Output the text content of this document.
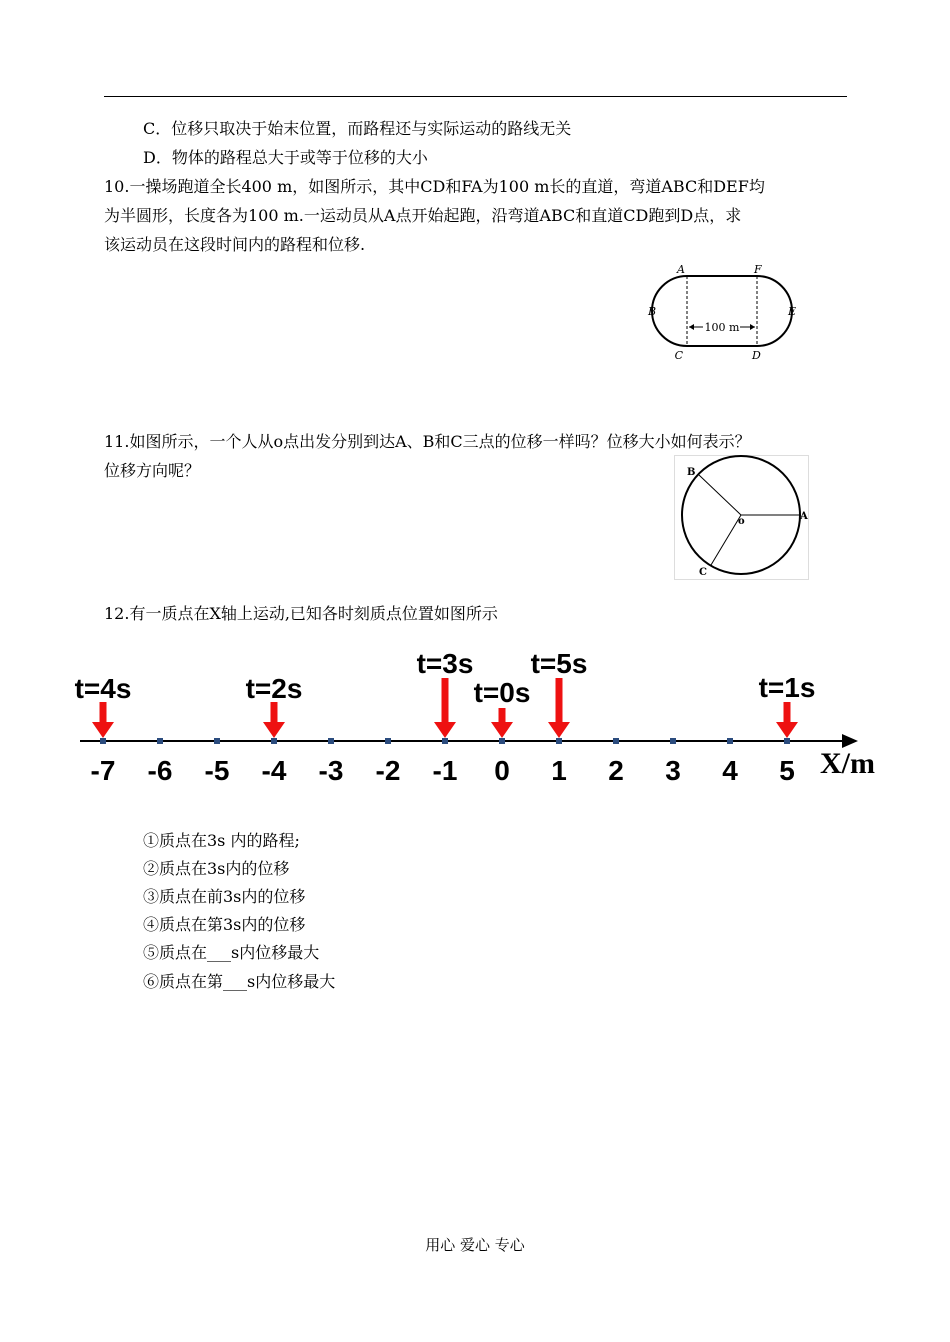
C．位移只取决于始末位置，而路程还与实际运动的路线无关
D．物体的路程总大于或等于位移的大小
10.一操场跑道全长400 m，如图所示，其中CD和FA为100 m长的直道，弯道ABC和DEF均
为半圆形，长度各为100 m.一运动员从A点开始起跑，沿弯道ABC和直道CD跑到D点，求
该运动员在这段时间内的路程和位移.
100 m
A	F
B	E
C	D
11.如图所示，一个人从o点出发分别到达A、B和C三点的位移一样吗？位移大小如何表示？
位移方向呢？
o	A
B
C
12.有一质点在X轴上运动,已知各时刻质点位置如图所示
-7 -6 -5 -4 -3 -2 -1 0 1 2 3 4 5
t=4s	t=2s
t=3s
t=0s
t=5s
t=1s
X/m
①质点在3s 内的路程;
②质点在3s内的位移
③质点在前3s内的位移
④质点在第3s内的位移
⑤质点在___s内位移最大
⑥质点在第___s内位移最大
用心 爱心 专心
